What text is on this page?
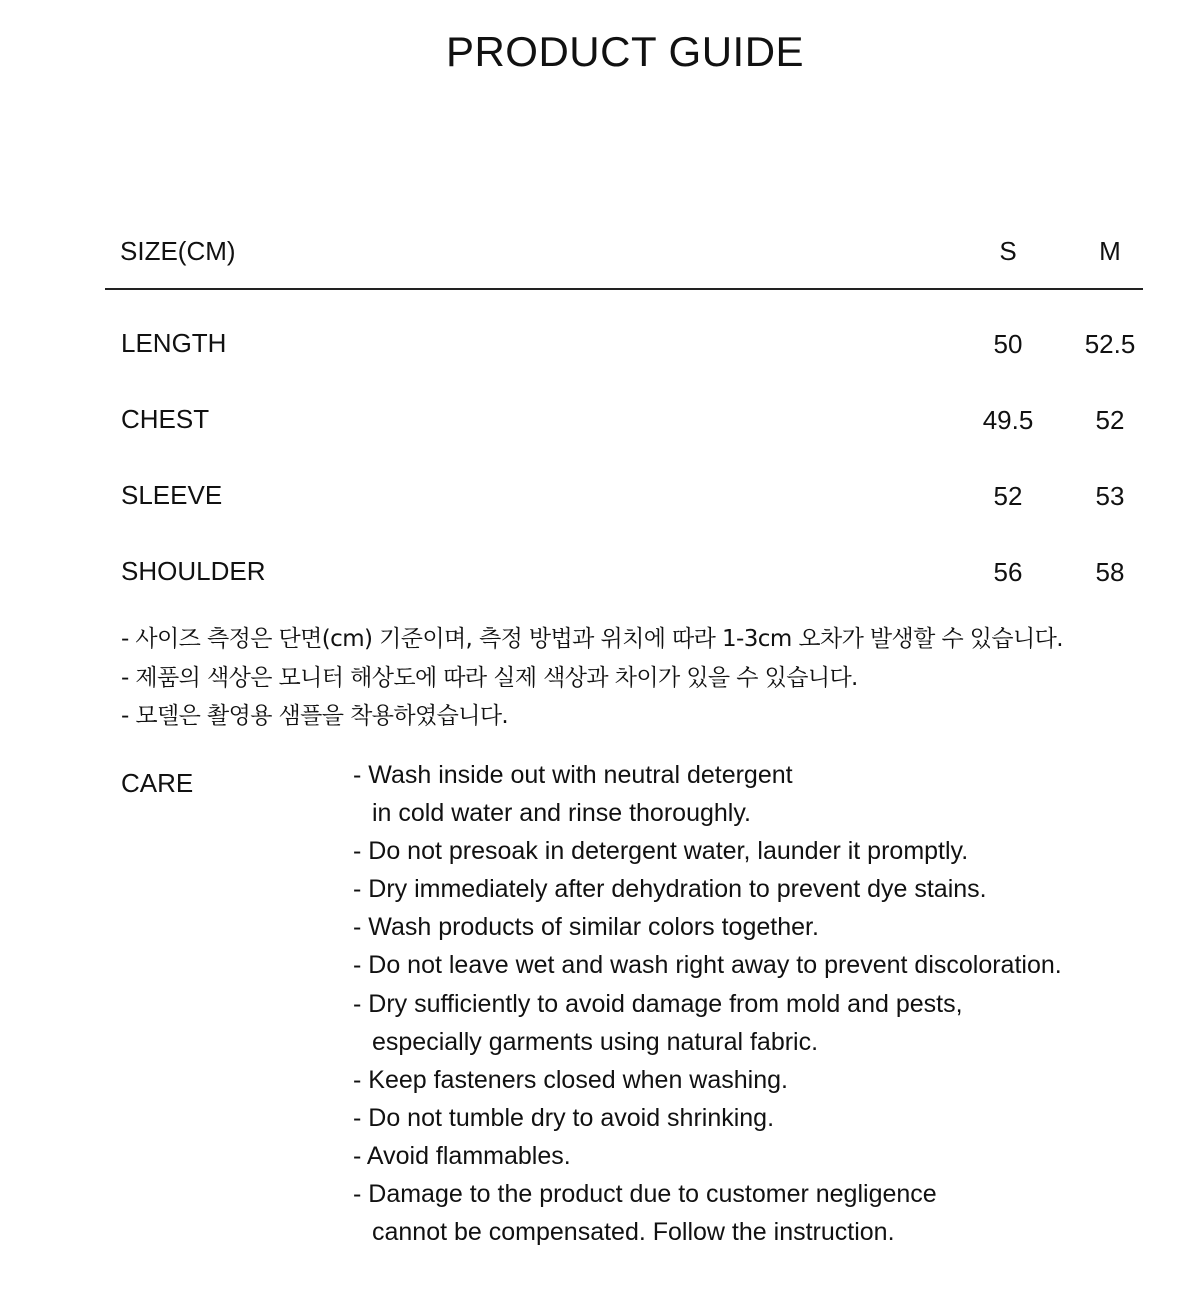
PRODUCT GUIDE
SIZE(CM)	S	M
LENGTH	50	52.5
CHEST	49.5	52
SLEEVE	52	53
SHOULDER	56	58
- 사이즈 측정은 단면(cm) 기준이며, 측정 방법과 위치에 따라 1-3cm 오차가 발생할 수 있습니다.
- 제품의 색상은 모니터 해상도에 따라 실제 색상과 차이가 있을 수 있습니다.
- 모델은 촬영용 샘플을 착용하였습니다.
CARE	- Wash inside out with neutral detergent
in cold water and rinse thoroughly.
- Do not presoak in detergent water, launder it promptly.
- Dry immediately after dehydration to prevent dye stains.
- Wash products of similar colors together.
- Do not leave wet and wash right away to prevent discoloration.
- Dry sufficiently to avoid damage from mold and pests,
especially garments using natural fabric.
- Keep fasteners closed when washing.
- Do not tumble dry to avoid shrinking.
- Avoid flammables.
- Damage to the product due to customer negligence
cannot be compensated. Follow the instruction.
